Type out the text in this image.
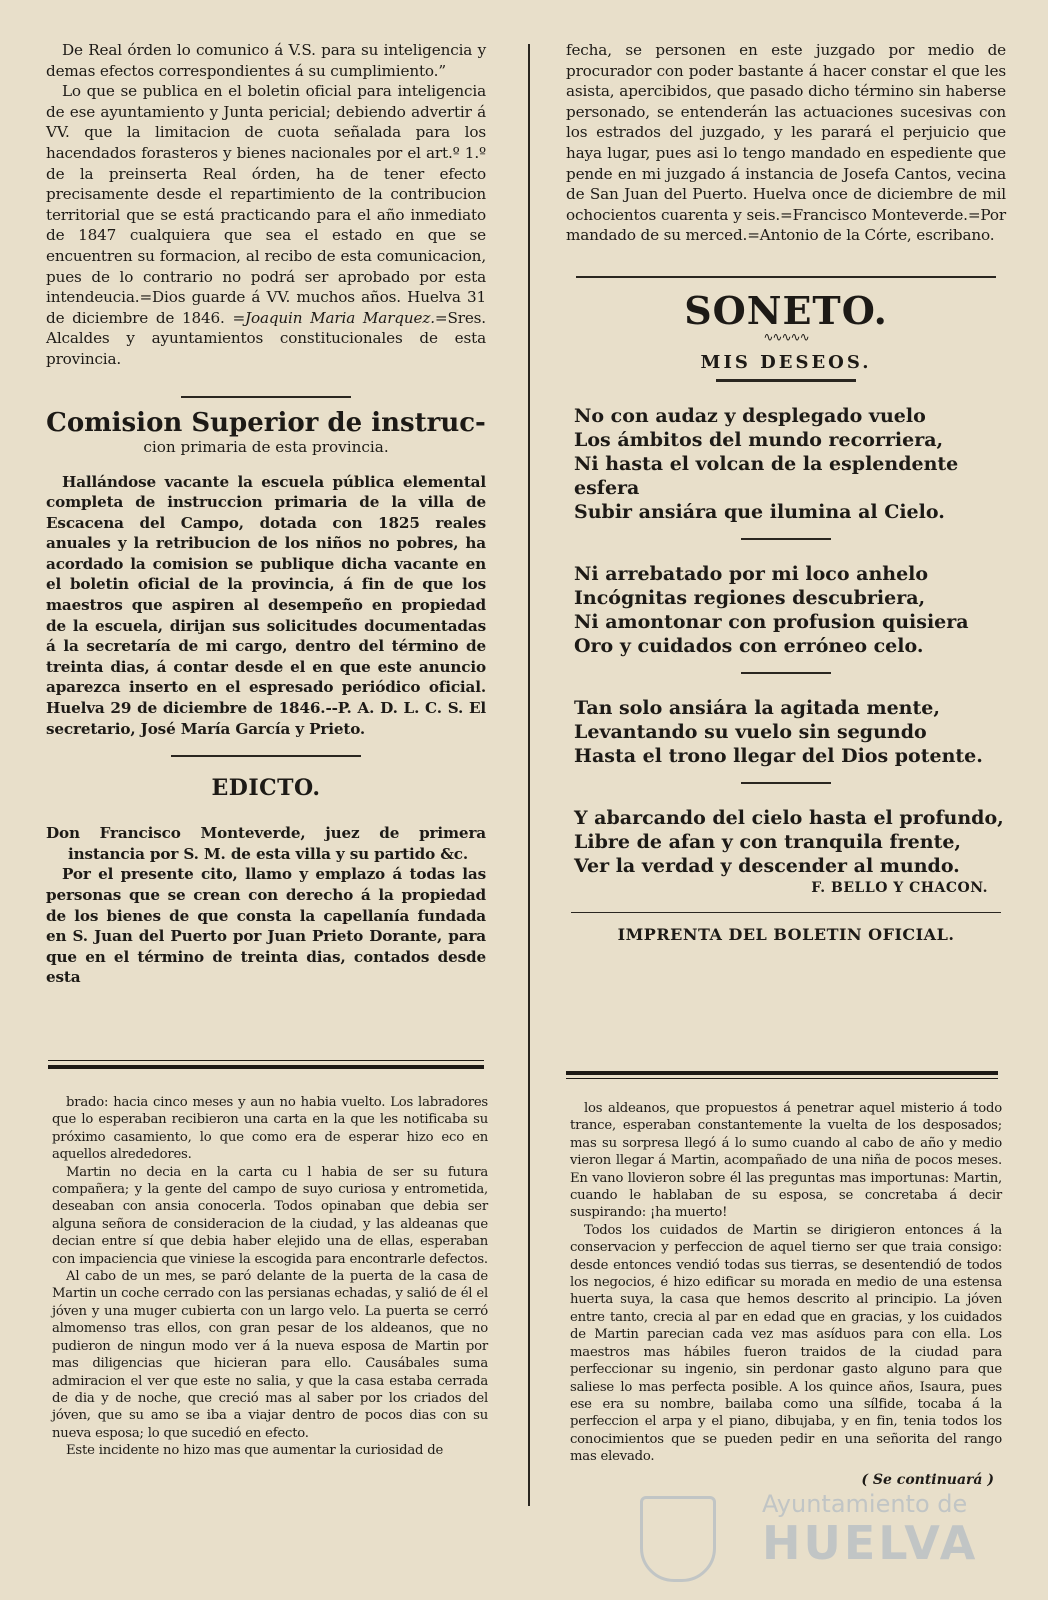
De Real órden lo comunico á V.S. para su inteligencia y demas efectos correspondientes á su cumplimiento.”

Lo que se publica en el boletin oficial para inteligencia de ese ayuntamiento y Junta pericial; debiendo advertir á VV. que la limitacion de cuota señalada para los hacendados forasteros y bienes nacionales por el art.º 1.º de la preinserta Real órden, ha de tener efecto precisamente desde el repartimiento de la contribucion territorial que se está practicando para el año inmediato de 1847 cualquiera que sea el estado en que se encuentren su formacion, al recibo de esta comunicacion, pues de lo contrario no podrá ser aprobado por esta intendeucia.=Dios guarde á VV. muchos años. Huelva 31 de diciembre de 1846. =Joaquin Maria Marquez.=Sres. Alcaldes y ayuntamientos constitucionales de esta provincia.

Comision Superior de instruc-

cion primaria de esta provincia.

Hallándose vacante la escuela pública elemental completa de instruccion primaria de la villa de Escacena del Campo, dotada con 1825 reales anuales y la retribucion de los niños no pobres, ha acordado la comision se publique dicha vacante en el boletin oficial de la provincia, á fin de que los maestros que aspiren al desempeño en propiedad de la escuela, dirijan sus solicitudes documentadas á la secretaría de mi cargo, dentro del término de treinta dias, á contar desde el en que este anuncio aparezca inserto en el espresado periódico oficial. Huelva 29 de diciembre de 1846.--P. A. D. L. C. S. El secretario, José María García y Prieto.

EDICTO.

Don Francisco Monteverde, juez de primera instancia por S. M. de esta villa y su partido &c.

Por el presente cito, llamo y emplazo á todas las personas que se crean con derecho á la propiedad de los bienes de que consta la capellanía fundada en S. Juan del Puerto por Juan Prieto Dorante, para que en el término de treinta dias, contados desde esta

fecha, se personen en este juzgado por medio de procurador con poder bastante á hacer constar el que les asista, apercibidos, que pasado dicho término sin haberse personado, se entenderán las actuaciones sucesivas con los estrados del juzgado, y les parará el perjuicio que haya lugar, pues asi lo tengo mandado en espediente que pende en mi juzgado á instancia de Josefa Cantos, vecina de San Juan del Puerto. Huelva once de diciembre de mil ochocientos cuarenta y seis.=Francisco Monteverde.=Por mandado de su merced.=Antonio de la Córte, escribano.

SONETO.

∿∿∿∿∿

MIS DESEOS.

No con audaz y desplegado vuelo

Los ámbitos del mundo recorriera,

Ni hasta el volcan de la esplendente esfera

Subir ansiára que ilumina al Cielo.

Ni arrebatado por mi loco anhelo

Incógnitas regiones descubriera,

Ni amontonar con profusion quisiera

Oro y cuidados con erróneo celo.

Tan solo ansiára la agitada mente,

Levantando su vuelo sin segundo

Hasta el trono llegar del Dios potente.

Y abarcando del cielo hasta el profundo,

Libre de afan y con tranquila frente,

Ver la verdad y descender al mundo.

F. BELLO Y CHACON.

IMPRENTA DEL BOLETIN OFICIAL.

brado: hacia cinco meses y aun no habia vuelto. Los labradores que lo esperaban recibieron una carta en la que les notificaba su próximo casamiento, lo que como era de esperar hizo eco en aquellos alrededores.

Martin no decia en la carta cu l habia de ser su futura compañera; y la gente del campo de suyo curiosa y entrometida, deseaban con ansia conocerla. Todos opinaban que debia ser alguna señora de consideracion de la ciudad, y las aldeanas que decian entre sí que debia haber elejido una de ellas, esperaban con impaciencia que viniese la escogida para encontrarle defectos.

Al cabo de un mes, se paró delante de la puerta de la casa de Martin un coche cerrado con las persianas echadas, y salió de él el jóven y una muger cubierta con un largo velo. La puerta se cerró almomenso tras ellos, con gran pesar de los aldeanos, que no pudieron de ningun modo ver á la nueva esposa de Martin por mas diligencias que hicieran para ello. Causábales suma admiracion el ver que este no salia, y que la casa estaba cerrada de dia y de noche, que creció mas al saber por los criados del jóven, que su amo se iba a viajar dentro de pocos dias con su nueva esposa; lo que sucedió en efecto.

Este incidente no hizo mas que aumentar la curiosidad de

los aldeanos, que propuestos á penetrar aquel misterio á todo trance, esperaban constantemente la vuelta de los desposados; mas su sorpresa llegó á lo sumo cuando al cabo de año y medio vieron llegar á Martin, acompañado de una niña de pocos meses. En vano llovieron sobre él las preguntas mas importunas: Martin, cuando le hablaban de su esposa, se concretaba á decir suspirando: ¡ha muerto!

Todos los cuidados de Martin se dirigieron entonces á la conservacion y perfeccion de aquel tierno ser que traia consigo: desde entonces vendió todas sus tierras, se desentendió de todos los negocios, é hizo edificar su morada en medio de una estensa huerta suya, la casa que hemos descrito al principio. La jóven entre tanto, crecia al par en edad que en gracias, y los cuidados de Martin parecian cada vez mas asíduos para con ella. Los maestros mas hábiles fueron traidos de la ciudad para perfeccionar su ingenio, sin perdonar gasto alguno para que saliese lo mas perfecta posible. A los quince años, Isaura, pues ese era su nombre, bailaba como una sílfide, tocaba á la perfeccion el arpa y el piano, dibujaba, y en fin, tenia todos los conocimientos que se pueden pedir en una señorita del rango mas elevado.

( Se continuará )

Ayuntamiento de
HUELVA
